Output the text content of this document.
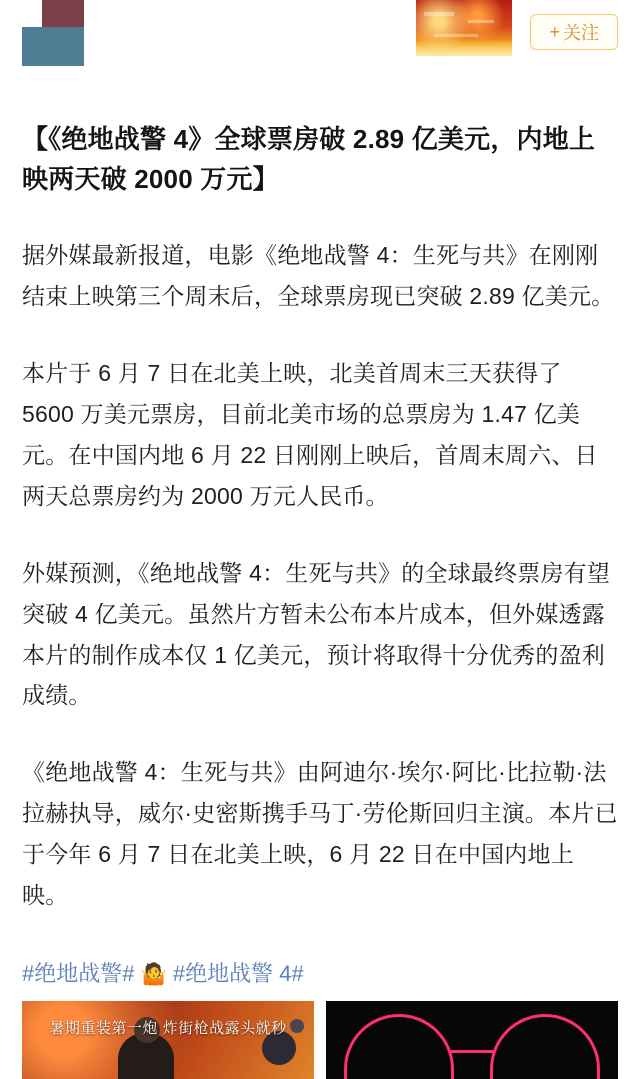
+ 关注
【《绝地战警 4》全球票房破 2.89 亿美元，内地上映两天破 2000 万元】

据外媒最新报道，电影《绝地战警 4：生死与共》在刚刚结束上映第三个周末后，全球票房现已突破 2.89 亿美元。

本片于 6 月 7 日在北美上映，北美首周末三天获得了 5600 万美元票房，目前北美市场的总票房为 1.47 亿美元。在中国内地 6 月 22 日刚刚上映后，首周末周六、日两天总票房约为 2000 万元人民币。

外媒预测，《绝地战警 4：生死与共》的全球最终票房有望突破 4 亿美元。虽然片方暂未公布本片成本，但外媒透露本片的制作成本仅 1 亿美元，预计将取得十分优秀的盈利成绩。

《绝地战警 4：生死与共》由阿迪尔·埃尔·阿比·比拉勒·法拉赫执导，威尔·史密斯携手马丁·劳伦斯回归主演。本片已于今年 6 月 7 日在北美上映，6 月 22 日在中国内地上映。

#绝地战警# 🤷 #绝地战警 4#

暑期重装第一炮 炸街枪战露头就秒
